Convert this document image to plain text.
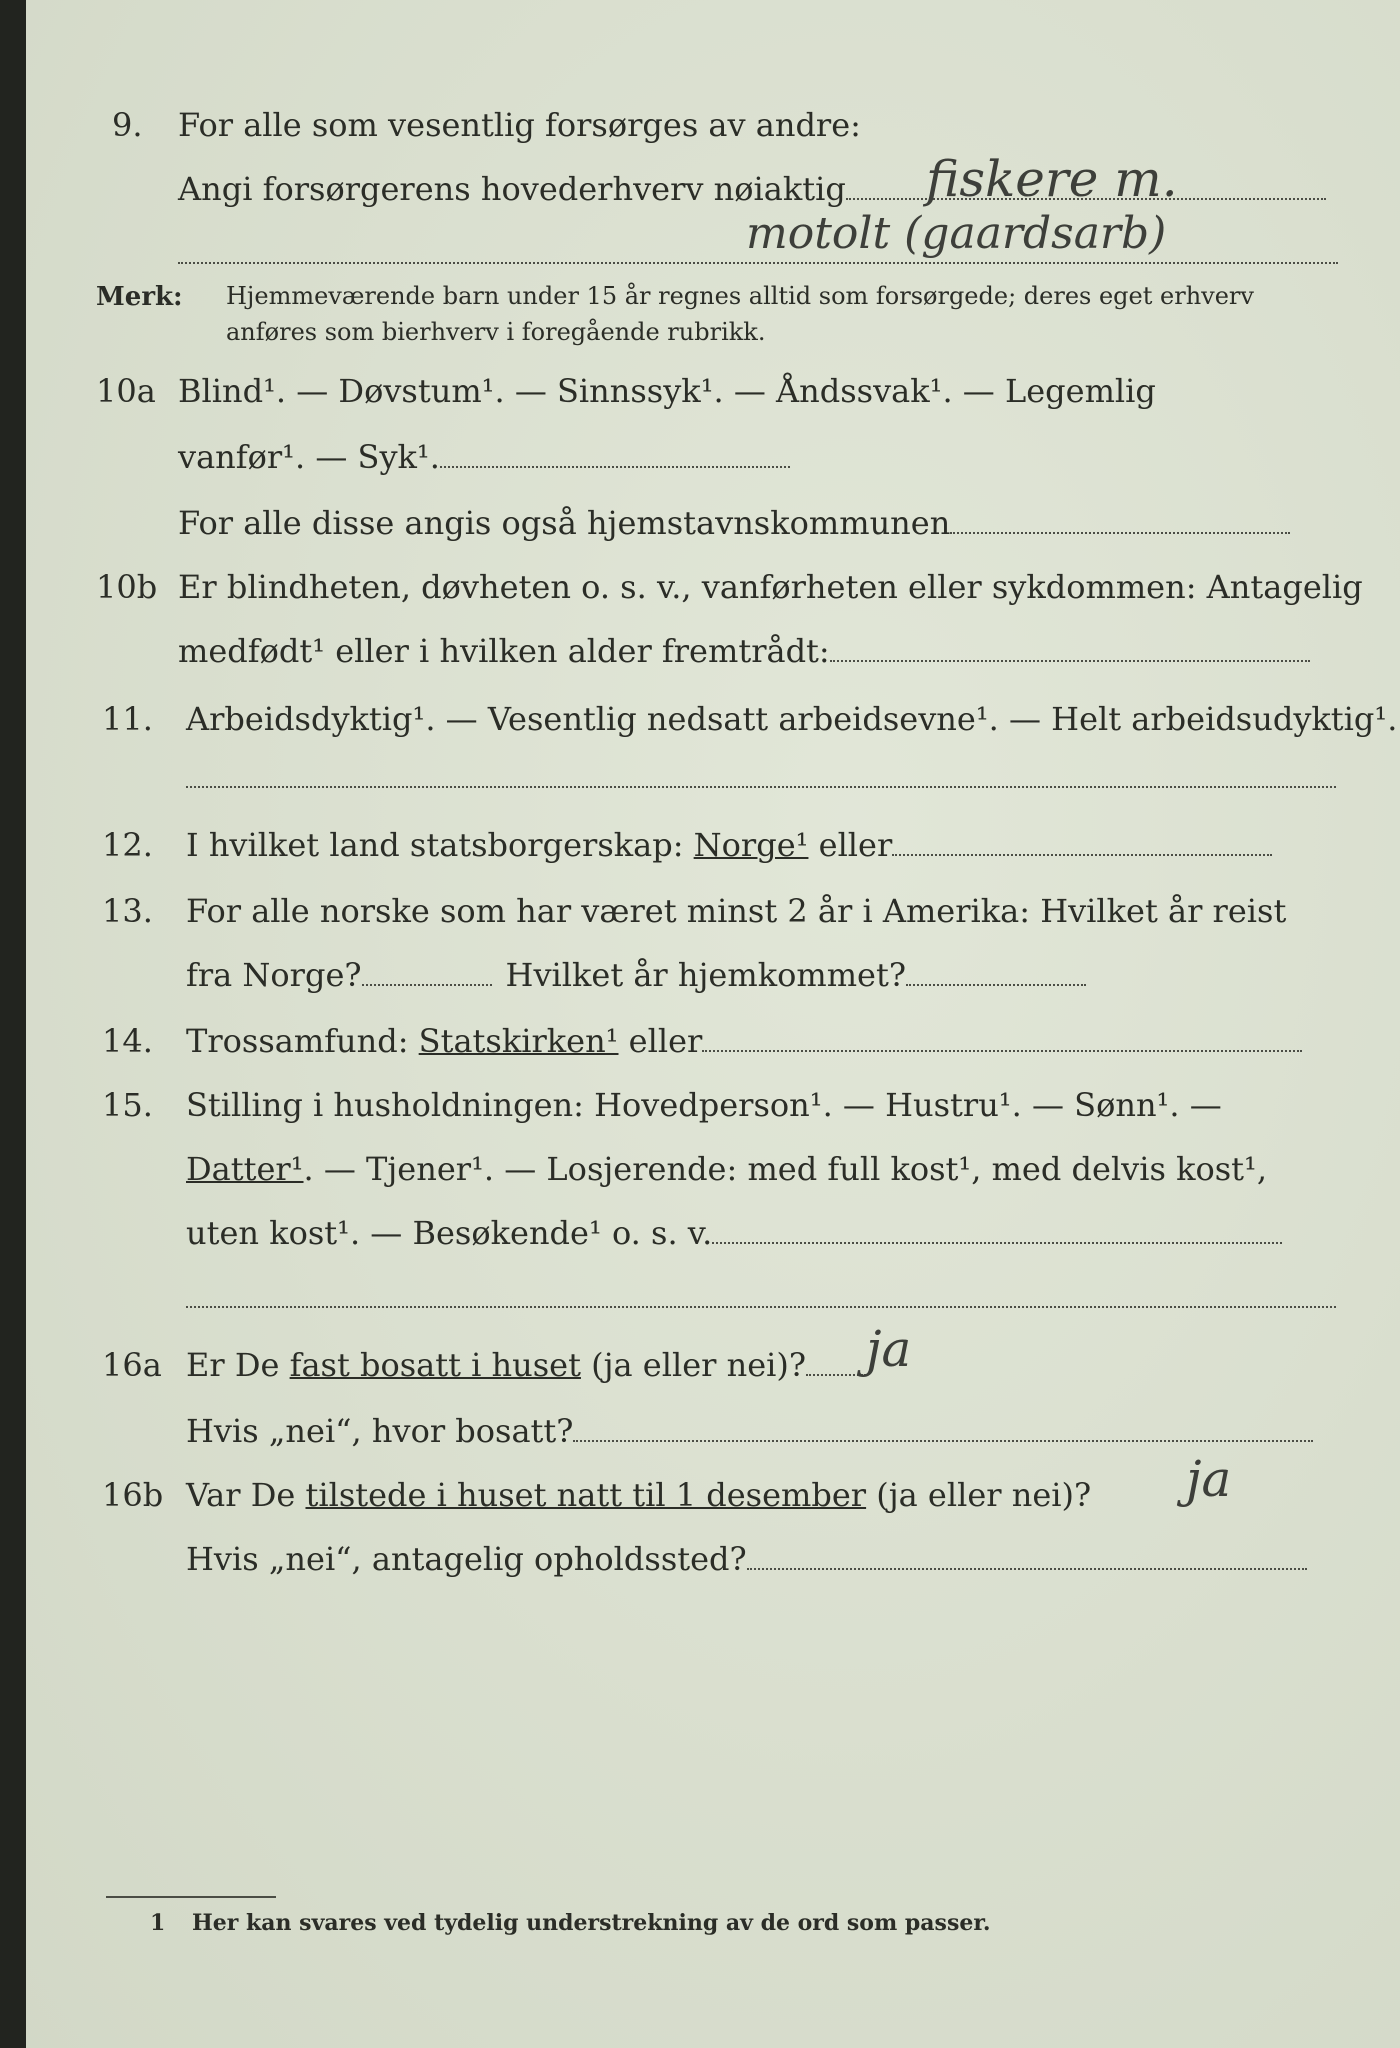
9. For alle som vesentlig forsørges av andre:
Angi forsørgerens hovederhverv nøiaktig	fiskere m.
motolt (gaardsarb)
Merk: Hjemmeværende barn under 15 år regnes alltid som forsørgede; deres eget erhverv
anføres som bierhverv i foregående rubrikk.
10a Blind¹. — Døvstum¹. — Sinnssyk¹. — Åndssvak¹. — Legemlig
vanfør¹. — Syk¹.
For alle disse angis også hjemstavnskommunen
10b Er blindheten, døvheten o. s. v., vanførheten eller sykdommen: Antagelig
medfødt¹ eller i hvilken alder fremtrådt:
11. Arbeidsdyktig¹. — Vesentlig nedsatt arbeidsevne¹. — Helt arbeidsudyktig¹.
12. I hvilket land statsborgerskap: Norge¹ eller
13. For alle norske som har været minst 2 år i Amerika: Hvilket år reist
fra Norge?	Hvilket år hjemkommet?
14. Trossamfund: Statskirken¹ eller
15. Stilling i husholdningen: Hovedperson¹. — Hustru¹. — Sønn¹. —
Datter¹. — Tjener¹. — Losjerende: med full kost¹, med delvis kost¹,
uten kost¹. — Besøkende¹ o. s. v.
16a Er De fast bosatt i huset (ja eller nei)?	ja
Hvis „nei“, hvor bosatt?
16b Var De tilstede i huset natt til 1 desember (ja eller nei)? ja
Hvis „nei“, antagelig opholdssted?
1 Her kan svares ved tydelig understrekning av de ord som passer.
